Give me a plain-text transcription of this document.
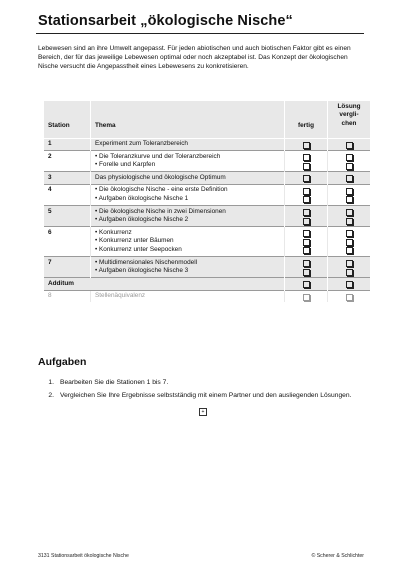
Stationsarbeit „ökologische Nische“
Lebewesen sind an ihre Umwelt angepasst. Für jeden abiotischen und auch biotischen Faktor gibt es einen Bereich, der für das jeweilige Lebewesen optimal oder noch akzeptabel ist. Das Konzept der ökologischen Nische versucht die Angepasstheit eines Lebewesens zu konkretisieren.
Station	Thema	fertig	Lösung
vergli-
chen

1	Experiment zum Toleranzbereich		

2	• Die Toleranzkurve und der Toleranzbereich
• Forelle und Karpfen

3	Das physiologische und ökologische Optimum		

4	• Die ökologische Nische - eine erste Definition
• Aufgaben ökologische Nische 1

5	• Die ökologische Nische in zwei Dimensionen
• Aufgaben ökologische Nische 2

6	• Konkurrenz
• Konkurrenz unter Bäumen
• Konkurrenz unter Seepocken

7	• Multidimensionales Nischenmodell
• Aufgaben ökologische Nische 3

Additum		

8	Stellenäquivalenz	

Aufgaben
1. Bearbeiten Sie die Stationen 1 bis 7.
2. Vergleichen Sie Ihre Ergebnisse selbstständig mit einem Partner und den ausliegenden Lösungen.
+
3131 Stationsarbeit ökologische Nische	© Scherer & Schlichter
